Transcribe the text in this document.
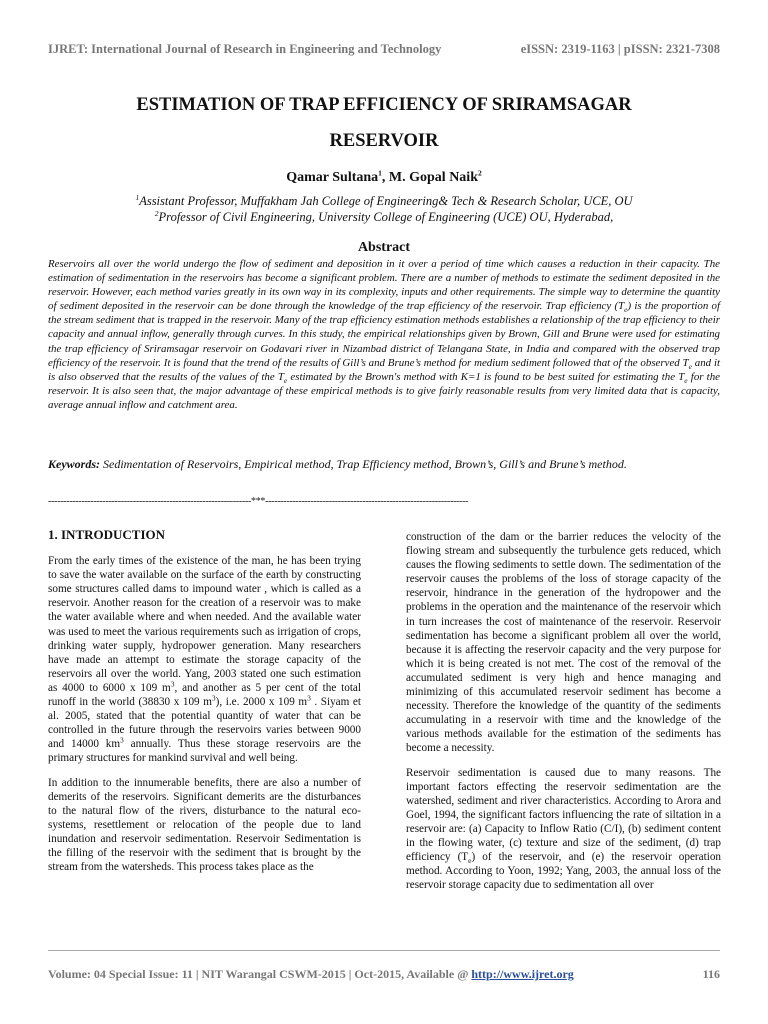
IJRET: International Journal of Research in Engineering and Technology	eISSN: 2319-1163 | pISSN: 2321-7308
ESTIMATION OF TRAP EFFICIENCY OF SRIRAMSAGAR
RESERVOIR
Qamar Sultana$^1$, M. Gopal Naik$^2$
$^1$Assistant Professor, Muffakham Jah College of Engineering& Tech & Research Scholar, UCE, OU
$^2$Professor of Civil Engineering, University College of Engineering (UCE) OU, Hyderabad,
Abstract
Reservoirs all over the world undergo the flow of sediment and deposition in it over a period of time which causes a reduction in their capacity. The estimation of sedimentation in the reservoirs has become a significant problem. There are a number of methods to estimate the sediment deposited in the reservoir. However, each method varies greatly in its own way in its complexity, inputs and other requirements. The simple way to determine the quantity of sediment deposited in the reservoir can be done through the knowledge of the trap efficiency of the reservoir. Trap efficiency $(T_e)$ is the proportion of the stream sediment that is trapped in the reservoir. Many of the trap efficiency estimation methods establishes a relationship of the trap efficiency to their capacity and annual inflow, generally through curves. In this study, the empirical relationships given by Brown, Gill and Brune were used for estimating the trap efficiency of Sriramsagar reservoir on Godavari river in Nizambad district of Telangana State, in India and compared with the observed trap efficiency of the reservoir. It is found that the trend of the results of Gill’s and Brune’s method for medium sediment followed that of the observed $T_e$ and it is also observed that the results of the values of the $T_e$ estimated by the Brown's method with K=1 is found to be best suited for estimating the $T_e$ for the reservoir. It is also seen that, the major advantage of these empirical methods is to give fairly reasonable results from very limited data that is capacity, average annual inflow and catchment area.
Keywords: Sedimentation of Reservoirs, Empirical method, Trap Efficiency method, Brown’s, Gill’s and Brune’s method.
-------------------------------------------------------------------***-------------------------------------------------------------------

1. INTRODUCTION

From the early times of the existence of the man, he has been trying to save the water available on the surface of the earth by constructing some structures called dams to impound water , which is called as a reservoir. Another reason for the creation of a reservoir was to make the water available where and when needed. And the available water was used to meet the various requirements such as irrigation of crops, drinking water supply, hydropower generation. Many researchers have made an attempt to estimate the storage capacity of the reservoirs all over the world. Yang, 2003 stated one such estimation as 4000 to 6000 x 109 $m^3$, and another as 5 per cent of the total runoff in the world (38830 x 109 $m^3$), i.e. 2000 x 109 $m^3$ . Siyam et al. 2005, stated that the potential quantity of water that can be controlled in the future through the reservoirs varies between 9000 and 14000 $km^3$ annually. Thus these storage reservoirs are the primary structures for mankind survival and well being.

In addition to the innumerable benefits, there are also a number of demerits of the reservoirs. Significant demerits are the disturbances to the natural flow of the rivers, disturbance to the natural eco-systems, resettlement or relocation of the people due to land inundation and reservoir sedimentation. Reservoir Sedimentation is the filling of the reservoir with the sediment that is brought by the stream from the watersheds. This process takes place as the

construction of the dam or the barrier reduces the velocity of the flowing stream and subsequently the turbulence gets reduced, which causes the flowing sediments to settle down. The sedimentation of the reservoir causes the problems of the loss of storage capacity of the reservoir, hindrance in the generation of the hydropower and the problems in the operation and the maintenance of the reservoir which in turn increases the cost of maintenance of the reservoir. Reservoir sedimentation has become a significant problem all over the world, because it is affecting the reservoir capacity and the very purpose for which it is being created is not met. The cost of the removal of the accumulated sediment is very high and hence managing and minimizing of this accumulated reservoir sediment has become a necessity. Therefore the knowledge of the quantity of the sediments accumulating in a reservoir with time and the knowledge of the various methods available for the estimation of the sediments has become a necessity.

Reservoir sedimentation is caused due to many reasons. The important factors effecting the reservoir sedimentation are the watershed, sediment and river characteristics. According to Arora and Goel, 1994, the significant factors influencing the rate of siltation in a reservoir are: (a) Capacity to Inflow Ratio (C/I), (b) sediment content in the flowing water, (c) texture and size of the sediment, (d) trap efficiency $(T_e)$ of the reservoir, and (e) the reservoir operation method. According to Yoon, 1992; Yang, 2003, the annual loss of the reservoir storage capacity due to sedimentation all over

Volume: 04 Special Issue: 11 | NIT Warangal CSWM-2015 | Oct-2015, Available @ http://www.ijret.org	116
